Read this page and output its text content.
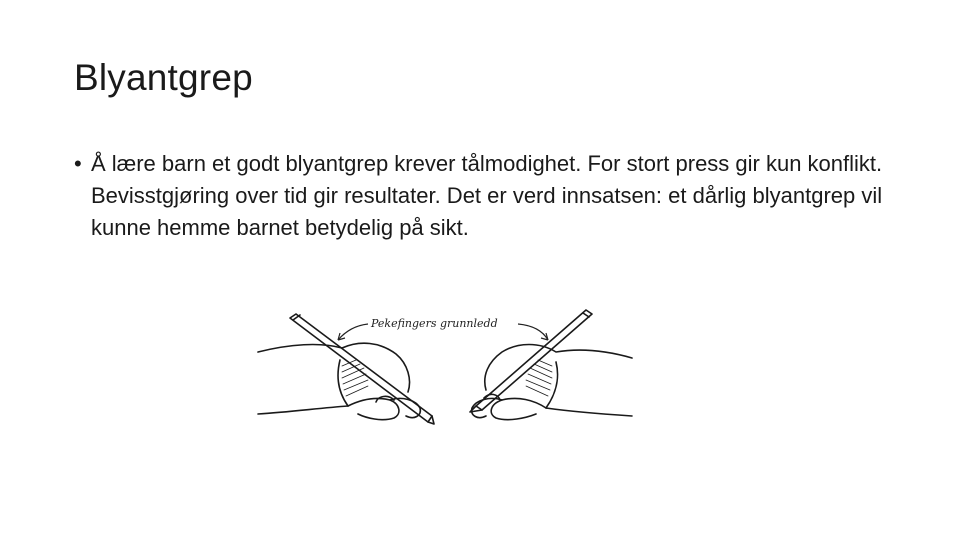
Blyantgrep
• Å lære barn et godt blyantgrep krever tålmodighet. For stort press gir kun konflikt. Bevisstgjøring over tid gir resultater. Det er verd innsatsen: et dårlig blyantgrep vil kunne hemme barnet betydelig på sikt.
Pekefingers grunnledd
